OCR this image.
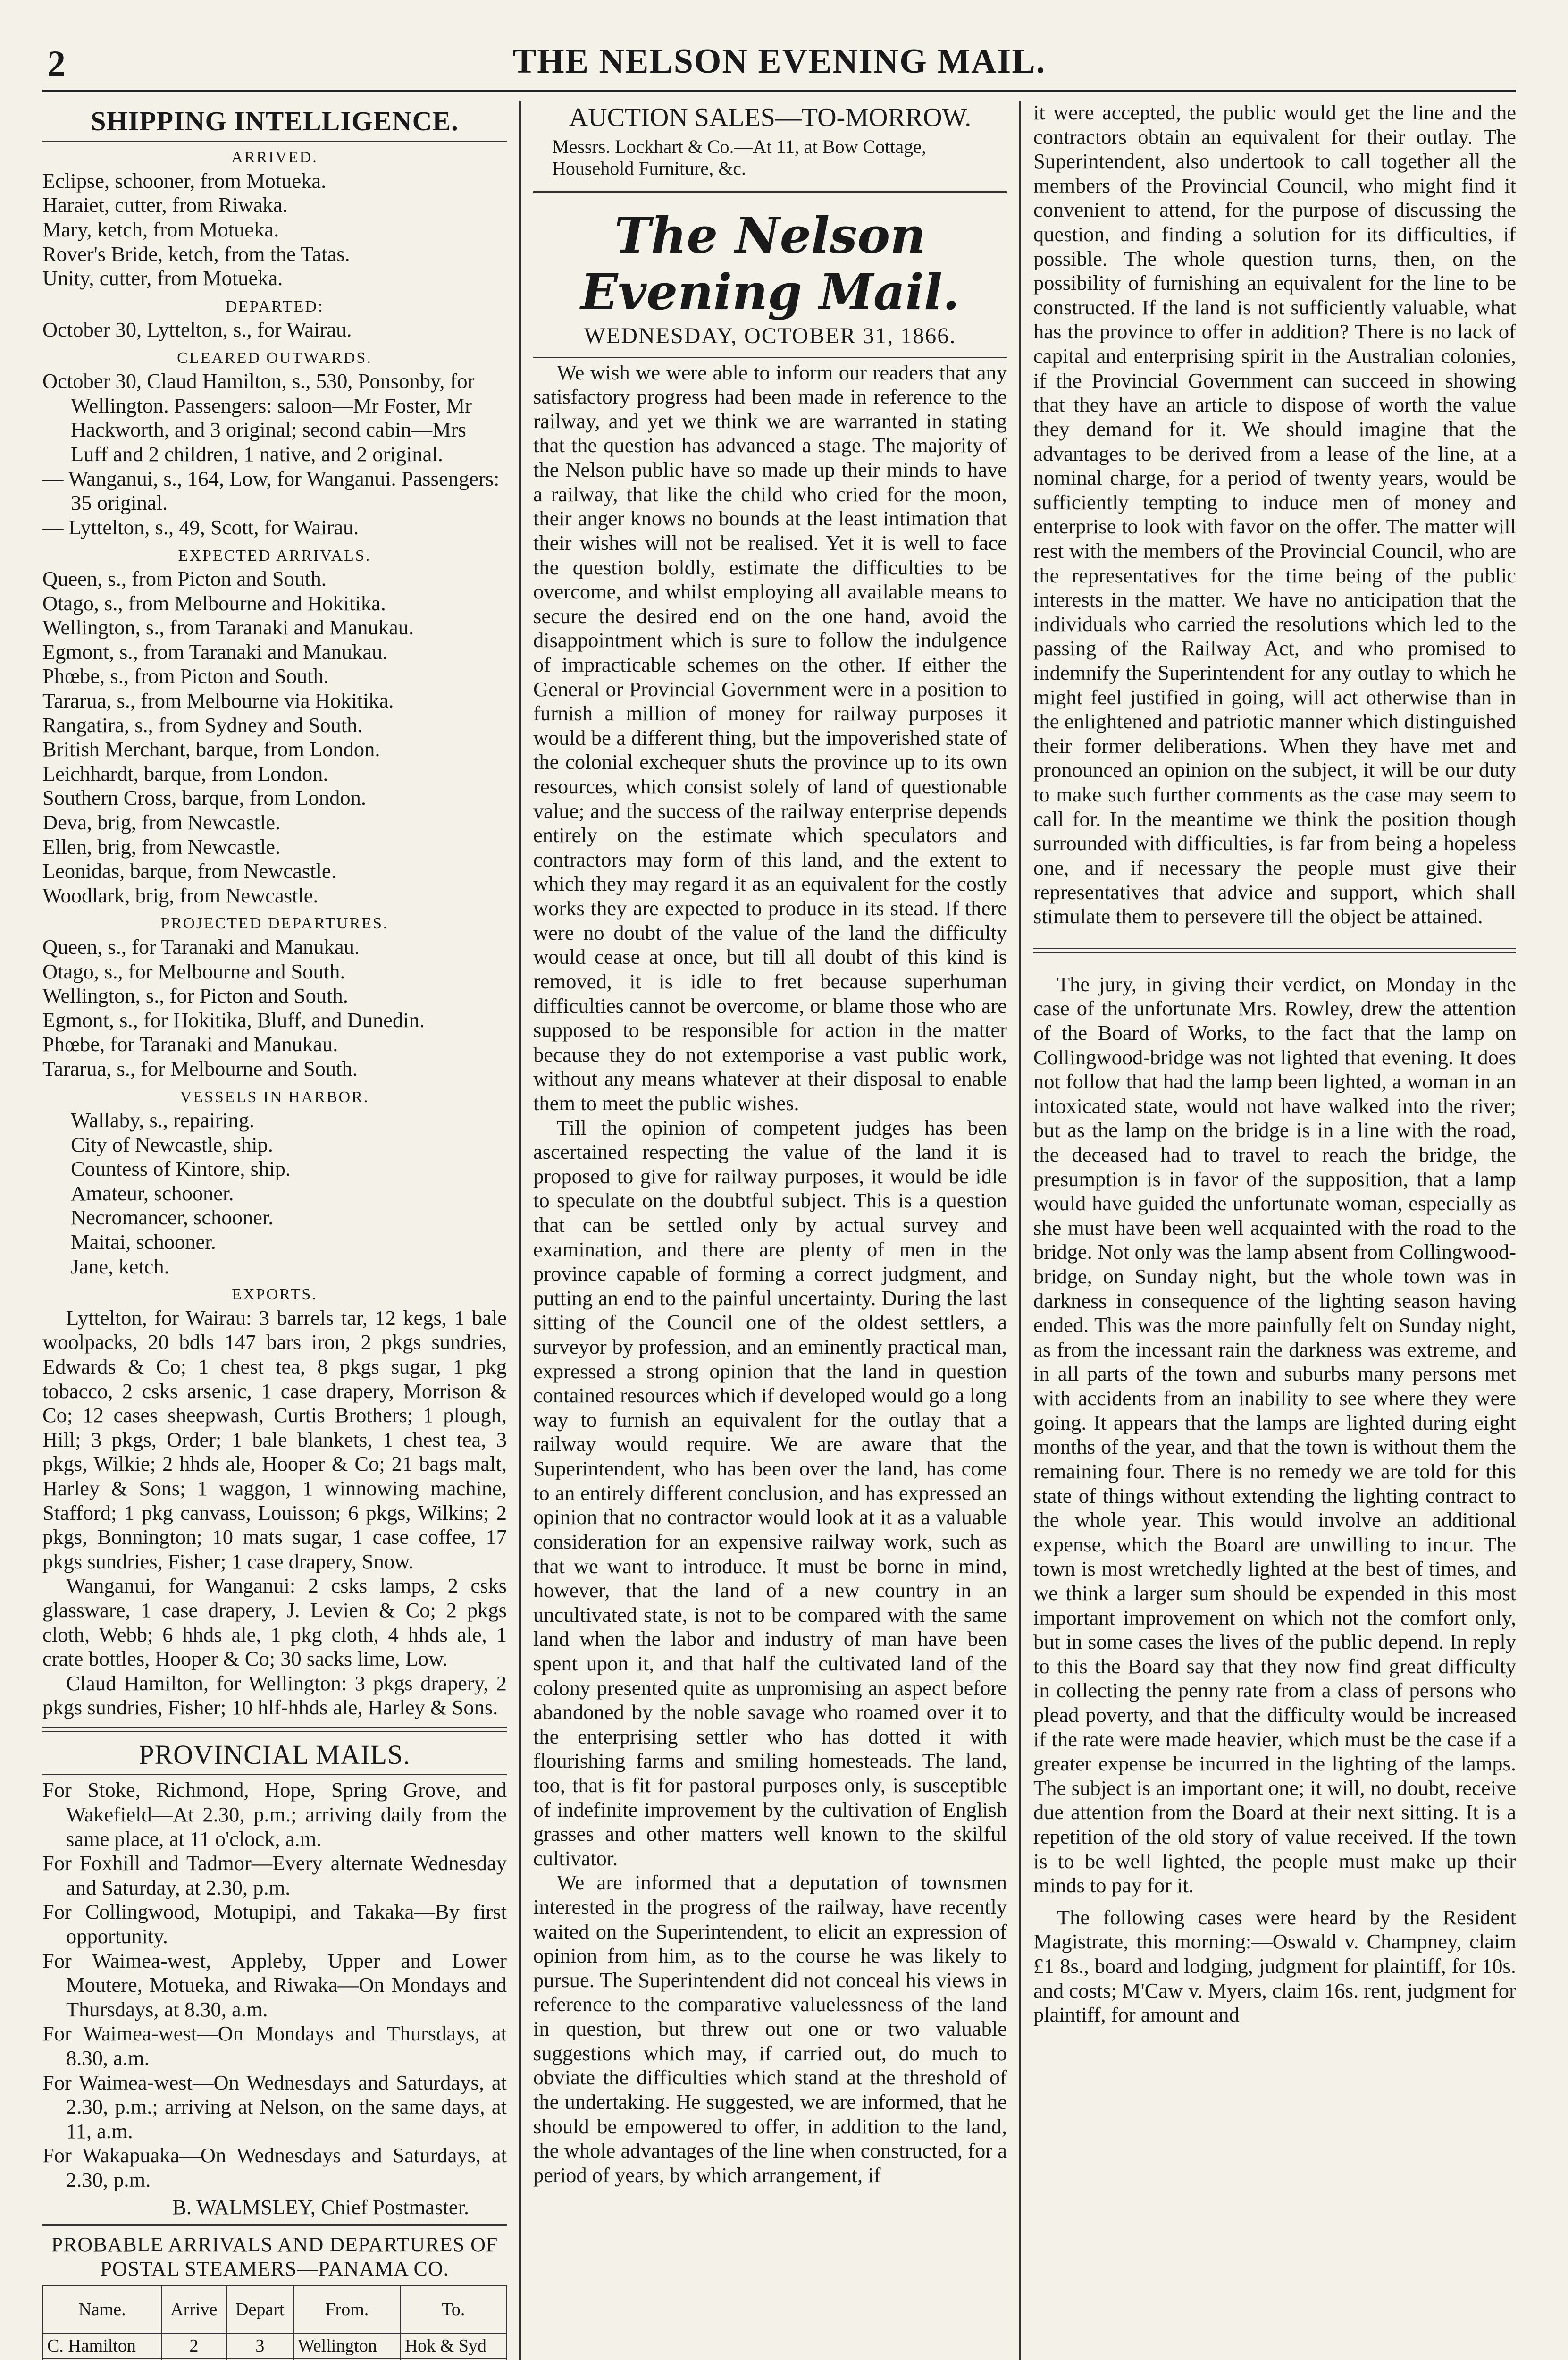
2	THE NELSON EVENING MAIL.
SHIPPING INTELLIGENCE.
ARRIVED.

Eclipse, schooner, from Motueka.

Haraiet, cutter, from Riwaka.

Mary, ketch, from Motueka.

Rover's Bride, ketch, from the Tatas.

Unity, cutter, from Motueka.

DEPARTED:

October 30, Lyttelton, s., for Wairau.

CLEARED OUTWARDS.

October 30, Claud Hamilton, s., 530, Ponsonby, for Wellington. Passengers: saloon—Mr Foster, Mr Hackworth, and 3 original; second cabin—Mrs Luff and 2 children, 1 native, and 2 original.

— Wanganui, s., 164, Low, for Wanganui. Passengers: 35 original.

— Lyttelton, s., 49, Scott, for Wairau.

EXPECTED ARRIVALS.

Queen, s., from Picton and South.

Otago, s., from Melbourne and Hokitika.

Wellington, s., from Taranaki and Manukau.

Egmont, s., from Taranaki and Manukau.

Phœbe, s., from Picton and South.

Tararua, s., from Melbourne via Hokitika.

Rangatira, s., from Sydney and South.

British Merchant, barque, from London.

Leichhardt, barque, from London.

Southern Cross, barque, from London.

Deva, brig, from Newcastle.

Ellen, brig, from Newcastle.

Leonidas, barque, from Newcastle.

Woodlark, brig, from Newcastle.

PROJECTED DEPARTURES.

Queen, s., for Taranaki and Manukau.

Otago, s., for Melbourne and South.

Wellington, s., for Picton and South.

Egmont, s., for Hokitika, Bluff, and Dunedin.

Phœbe, for Taranaki and Manukau.

Tararua, s., for Melbourne and South.

VESSELS IN HARBOR.

Wallaby, s., repairing.

City of Newcastle, ship.

Countess of Kintore, ship.

Amateur, schooner.

Necromancer, schooner.

Maitai, schooner.

Jane, ketch.

EXPORTS.

Lyttelton, for Wairau: 3 barrels tar, 12 kegs, 1 bale woolpacks, 20 bdls 147 bars iron, 2 pkgs sundries, Edwards & Co; 1 chest tea, 8 pkgs sugar, 1 pkg tobacco, 2 csks arsenic, 1 case drapery, Morrison & Co; 12 cases sheepwash, Curtis Brothers; 1 plough, Hill; 3 pkgs, Order; 1 bale blankets, 1 chest tea, 3 pkgs, Wilkie; 2 hhds ale, Hooper & Co; 21 bags malt, Harley & Sons; 1 waggon, 1 winnowing machine, Stafford; 1 pkg canvass, Louisson; 6 pkgs, Wilkins; 2 pkgs, Bonnington; 10 mats sugar, 1 case coffee, 17 pkgs sundries, Fisher; 1 case drapery, Snow.

Wanganui, for Wanganui: 2 csks lamps, 2 csks glassware, 1 case drapery, J. Levien & Co; 2 pkgs cloth, Webb; 6 hhds ale, 1 pkg cloth, 4 hhds ale, 1 crate bottles, Hooper & Co; 30 sacks lime, Low.

Claud Hamilton, for Wellington: 3 pkgs drapery, 2 pkgs sundries, Fisher; 10 hlf-hhds ale, Harley & Sons.

PROVINCIAL MAILS.

For Stoke, Richmond, Hope, Spring Grove, and Wakefield—At 2.30, p.m.; arriving daily from the same place, at 11 o'clock, a.m.

For Foxhill and Tadmor—Every alternate Wednesday and Saturday, at 2.30, p.m.

For Collingwood, Motupipi, and Takaka—By first opportunity.

For Waimea-west, Appleby, Upper and Lower Moutere, Motueka, and Riwaka—On Mondays and Thursdays, at 8.30, a.m.

For Waimea-west—On Mondays and Thursdays, at 8.30, a.m.

For Waimea-west—On Wednesdays and Saturdays, at 2.30, p.m.; arriving at Nelson, on the same days, at 11, a.m.

For Wakapuaka—On Wednesdays and Saturdays, at 2.30, p.m.

B. WALMSLEY, Chief Postmaster.
PROBABLE ARRIVALS AND DEPARTURES OF POSTAL STEAMERS—PANAMA CO.
Name.	Arrive	Depart	From.	To.
C. Hamilton	2	3	Wellington	Hok & Syd

AUCTION SALES—TO-MORROW.
Messrs. Lockhart & Co.—At 11, at Bow Cottage,
Household Furniture, &c.
The Nelson Evening Mail.
WEDNESDAY, OCTOBER 31, 1866.

We wish we were able to inform our readers that any satisfactory progress had been made in reference to the railway, and yet we think we are warranted in stating that the question has advanced a stage. The majority of the Nelson public have so made up their minds to have a railway, that like the child who cried for the moon, their anger knows no bounds at the least intimation that their wishes will not be realised. Yet it is well to face the question boldly, estimate the difficulties to be overcome, and whilst employing all available means to secure the desired end on the one hand, avoid the disappointment which is sure to follow the indulgence of impracticable schemes on the other. If either the General or Provincial Government were in a position to furnish a million of money for railway purposes it would be a different thing, but the impoverished state of the colonial exchequer shuts the province up to its own resources, which consist solely of land of questionable value; and the success of the railway enterprise depends entirely on the estimate which speculators and contractors may form of this land, and the extent to which they may regard it as an equivalent for the costly works they are expected to produce in its stead. If there were no doubt of the value of the land the difficulty would cease at once, but till all doubt of this kind is removed, it is idle to fret because superhuman difficulties cannot be overcome, or blame those who are supposed to be responsible for action in the matter because they do not extemporise a vast public work, without any means whatever at their disposal to enable them to meet the public wishes.

Till the opinion of competent judges has been ascertained respecting the value of the land it is proposed to give for railway purposes, it would be idle to speculate on the doubtful subject. This is a question that can be settled only by actual survey and examination, and there are plenty of men in the province capable of forming a correct judgment, and putting an end to the painful uncertainty. During the last sitting of the Council one of the oldest settlers, a surveyor by profession, and an eminently practical man, expressed a strong opinion that the land in question contained resources which if developed would go a long way to furnish an equivalent for the outlay that a railway would require. We are aware that the Superintendent, who has been over the land, has come to an entirely different conclusion, and has expressed an opinion that no contractor would look at it as a valuable consideration for an expensive railway work, such as that we want to introduce. It must be borne in mind, however, that the land of a new country in an uncultivated state, is not to be compared with the same land when the labor and industry of man have been spent upon it, and that half the cultivated land of the colony presented quite as unpromising an aspect before abandoned by the noble savage who roamed over it to the enterprising settler who has dotted it with flourishing farms and smiling homesteads. The land, too, that is fit for pastoral purposes only, is susceptible of indefinite improvement by the cultivation of English grasses and other matters well known to the skilful cultivator.

We are informed that a deputation of townsmen interested in the progress of the railway, have recently waited on the Superintendent, to elicit an expression of opinion from him, as to the course he was likely to pursue. The Superintendent did not conceal his views in reference to the comparative valuelessness of the land in question, but threw out one or two valuable suggestions which may, if carried out, do much to obviate the difficulties which stand at the threshold of the undertaking. He suggested, we are informed, that he should be empowered to offer, in addition to the land, the whole advantages of the line when constructed, for a period of years, by which arrangement, if

it were accepted, the public would get the line and the contractors obtain an equivalent for their outlay. The Superintendent, also undertook to call together all the members of the Provincial Council, who might find it convenient to attend, for the purpose of discussing the question, and finding a solution for its difficulties, if possible. The whole question turns, then, on the possibility of furnishing an equivalent for the line to be constructed. If the land is not sufficiently valuable, what has the province to offer in addition? There is no lack of capital and enterprising spirit in the Australian colonies, if the Provincial Government can succeed in showing that they have an article to dispose of worth the value they demand for it. We should imagine that the advantages to be derived from a lease of the line, at a nominal charge, for a period of twenty years, would be sufficiently tempting to induce men of money and enterprise to look with favor on the offer. The matter will rest with the members of the Provincial Council, who are the representatives for the time being of the public interests in the matter. We have no anticipation that the individuals who carried the resolutions which led to the passing of the Railway Act, and who promised to indemnify the Superintendent for any outlay to which he might feel justified in going, will act otherwise than in the enlightened and patriotic manner which distinguished their former deliberations. When they have met and pronounced an opinion on the subject, it will be our duty to make such further comments as the case may seem to call for. In the meantime we think the position though surrounded with difficulties, is far from being a hopeless one, and if necessary the people must give their representatives that advice and support, which shall stimulate them to persevere till the object be attained.

The jury, in giving their verdict, on Monday in the case of the unfortunate Mrs. Rowley, drew the attention of the Board of Works, to the fact that the lamp on Collingwood-bridge was not lighted that evening. It does not follow that had the lamp been lighted, a woman in an intoxicated state, would not have walked into the river; but as the lamp on the bridge is in a line with the road, the deceased had to travel to reach the bridge, the presumption is in favor of the supposition, that a lamp would have guided the unfortunate woman, especially as she must have been well acquainted with the road to the bridge. Not only was the lamp absent from Collingwood-bridge, on Sunday night, but the whole town was in darkness in consequence of the lighting season having ended. This was the more painfully felt on Sunday night, as from the incessant rain the darkness was extreme, and in all parts of the town and suburbs many persons met with accidents from an inability to see where they were going. It appears that the lamps are lighted during eight months of the year, and that the town is without them the remaining four. There is no remedy we are told for this state of things without extending the lighting contract to the whole year. This would involve an additional expense, which the Board are unwilling to incur. The town is most wretchedly lighted at the best of times, and we think a larger sum should be expended in this most important improvement on which not the comfort only, but in some cases the lives of the public depend. In reply to this the Board say that they now find great difficulty in collecting the penny rate from a class of persons who plead poverty, and that the difficulty would be increased if the rate were made heavier, which must be the case if a greater expense be incurred in the lighting of the lamps. The subject is an important one; it will, no doubt, receive due attention from the Board at their next sitting. It is a repetition of the old story of value received. If the town is to be well lighted, the people must make up their minds to pay for it.

The following cases were heard by the Resident Magistrate, this morning:—Oswald v. Champney, claim £1 8s., board and lodging, judgment for plaintiff, for 10s. and costs; M'Caw v. Myers, claim 16s. rent, judgment for plaintiff, for amount and
